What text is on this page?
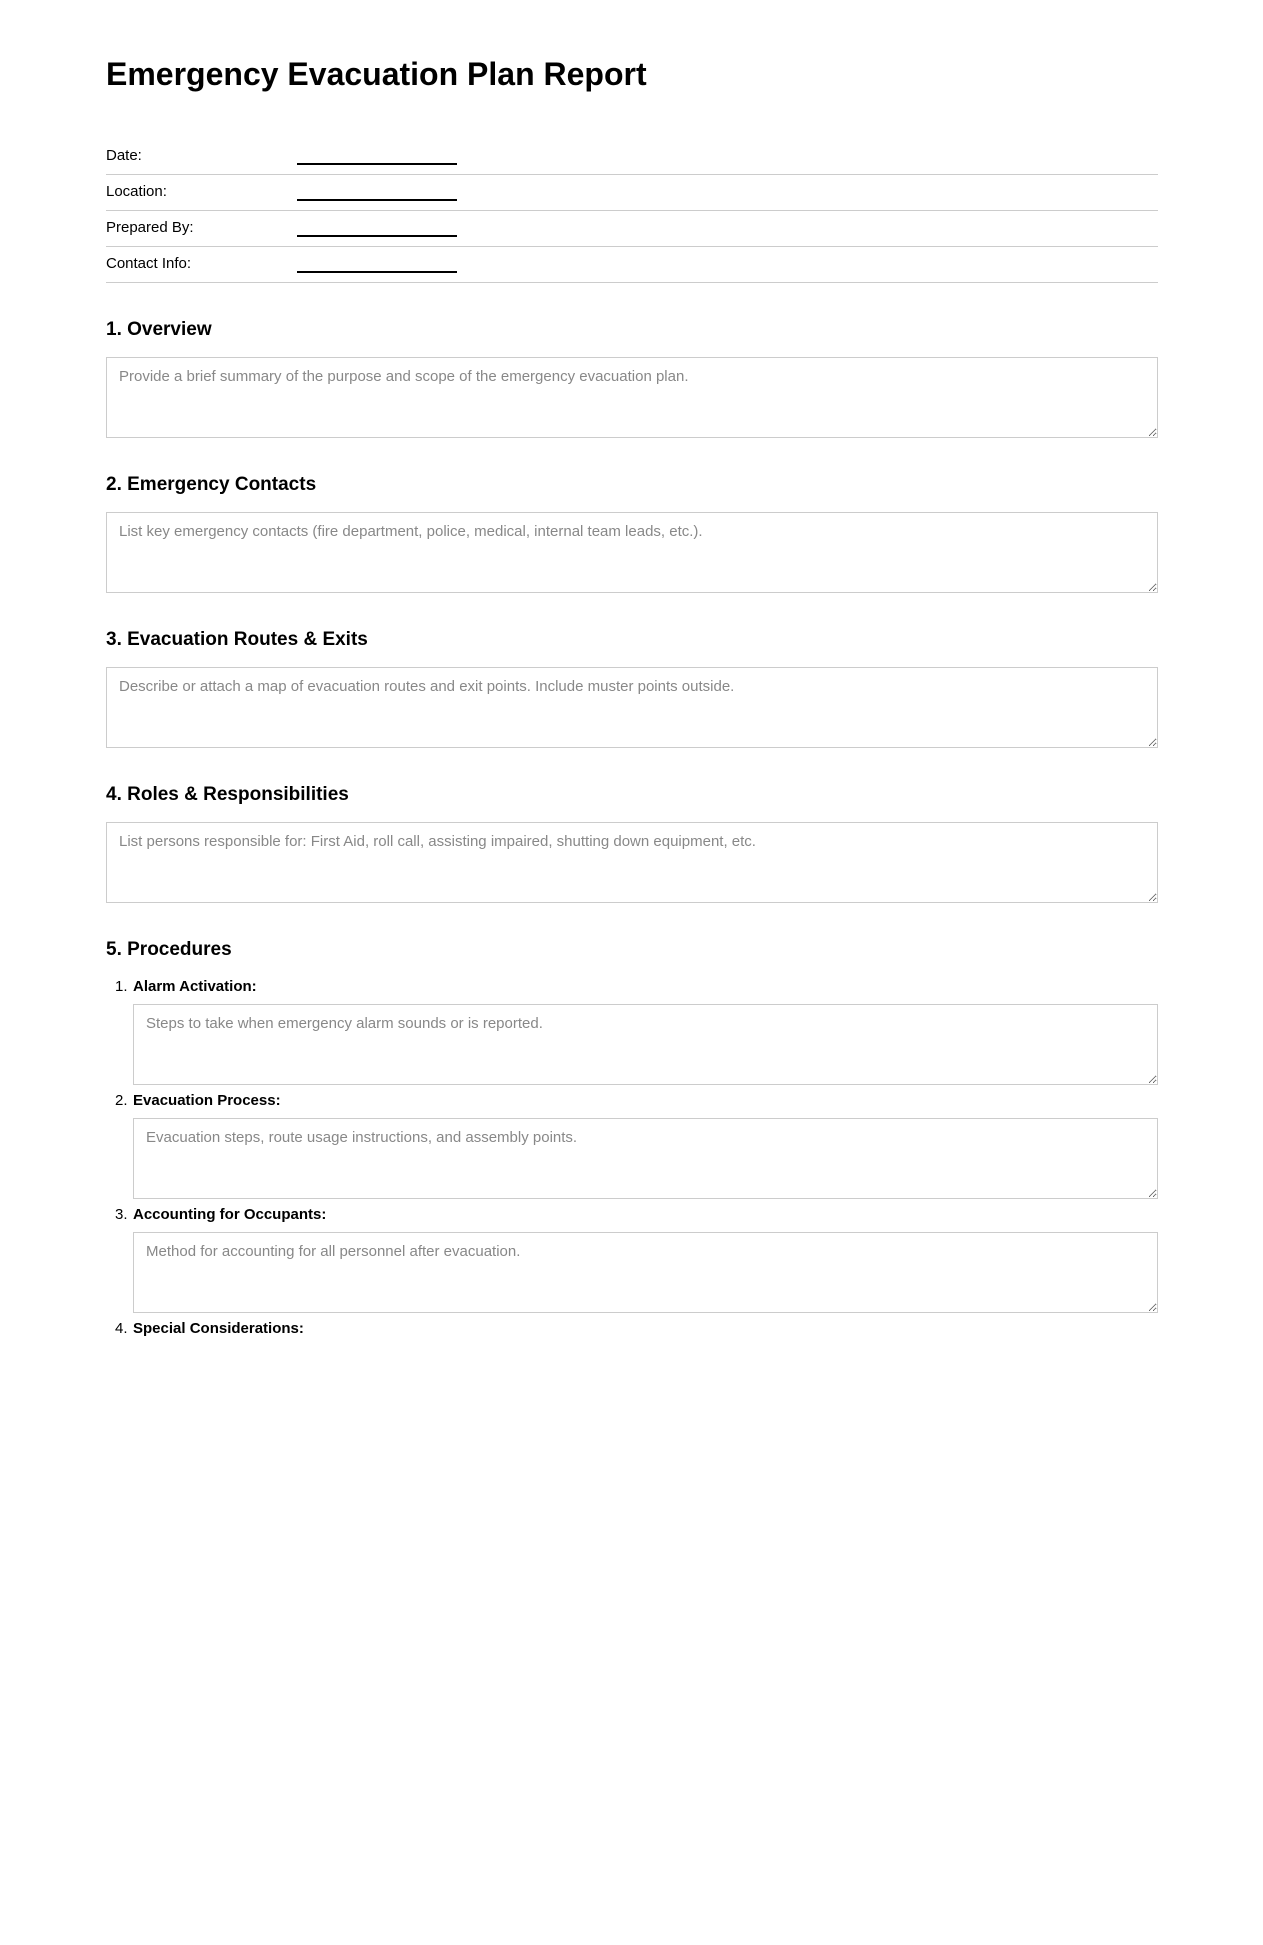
Emergency Evacuation Plan Report
Date:
Location:
Prepared By:
Contact Info:
1. Overview
Provide a brief summary of the purpose and scope of the emergency evacuation plan.
2. Emergency Contacts
List key emergency contacts (fire department, police, medical, internal team leads, etc.).
3. Evacuation Routes & Exits
Describe or attach a map of evacuation routes and exit points. Include muster points outside.
4. Roles & Responsibilities
List persons responsible for: First Aid, roll call, assisting impaired, shutting down equipment, etc.
5. Procedures
1. Alarm Activation:
Steps to take when emergency alarm sounds or is reported.
2. Evacuation Process:
Evacuation steps, route usage instructions, and assembly points.
3. Accounting for Occupants:
Method for accounting for all personnel after evacuation.
4. Special Considerations:
